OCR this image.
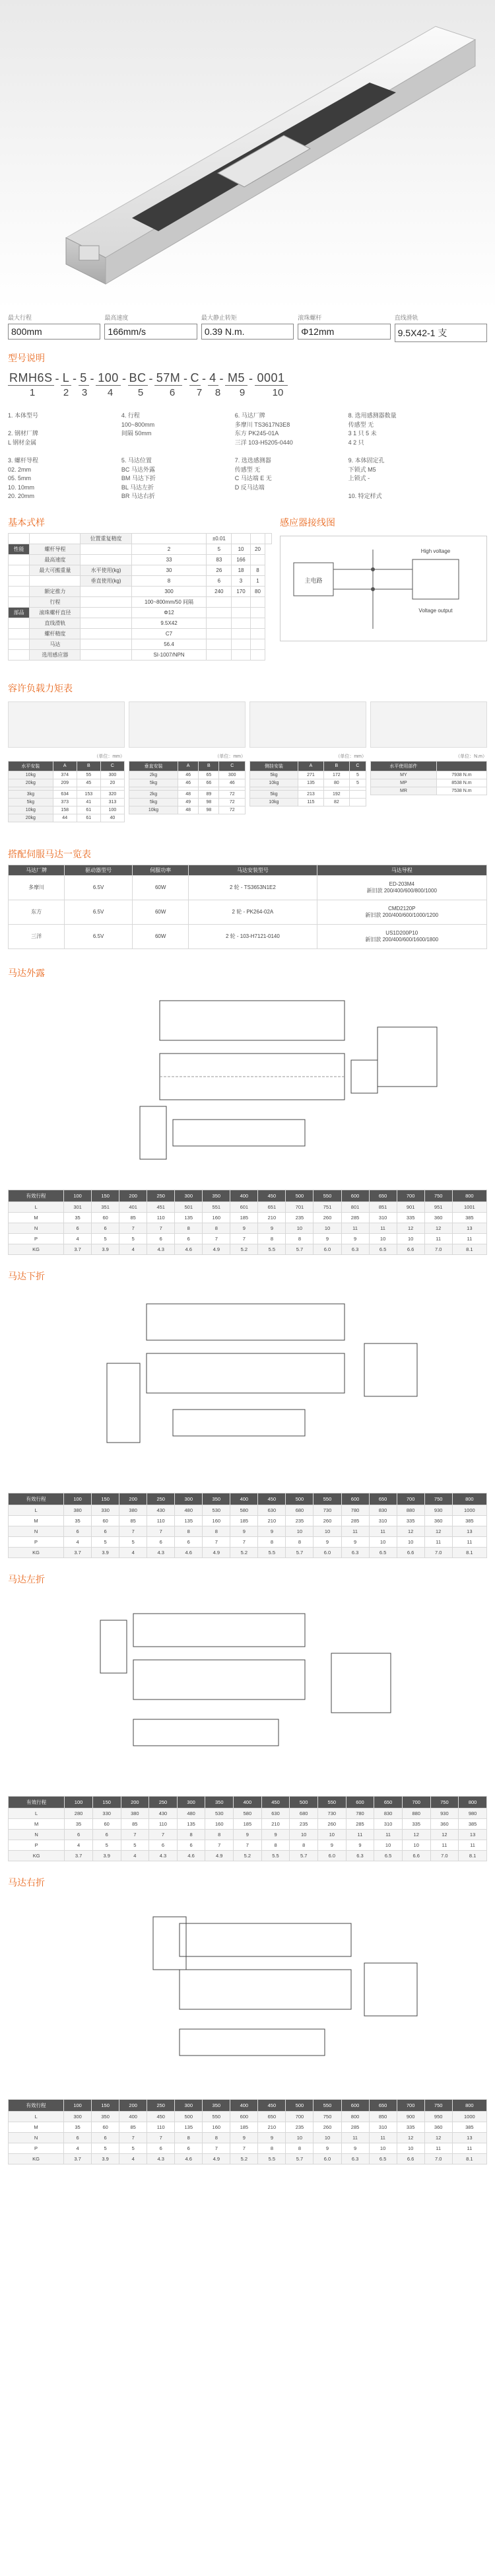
最大行程
800mm
最高速度
166mm/s
最大静止转矩
0.39 N.m.
滚珠螺杆
Φ12mm
直线滑轨
9.5X42-1 支
型号说明
RMH6S - L - 5 - 100 - BC - 57M - C - 4 - M5 - 0001
1	2	3	4	5	6	7	8	9	10
1. 本体型号

2. 钢材厂牌
L 钢材金属
4. 行程
100~800mm
间隔 50mm
6. 马达厂牌
多摩川 TS3617N3E8
东方 PK245-01A
三洋 103-H5205-0440
8. 选用感测器数量
传感型 无
3 1 只 5 未
4 2 只
3. 螺杆导程
02. 2mm
05. 5mm
10. 10mm
20. 20mm
5. 马达位置
BC 马达外露
BM 马达下折
BL 马达左折
BR 马达右折
7. 选选感测器
传感型 无
C 马达端 E 无
D 反马达端
9. 本体固定孔
下锁式 M5
上锁式 -

10. 特定样式
基本式样
		位置重复精度		±0.01			
性能	螺杆导程		2	5	10	20	
	最高速度		33	83	166		
	最大可搬重量	水平使用(kg)	30	26	18	8	
		垂直使用(kg)	8	6	3	1	
	额定推力		300	240	170	80	
	行程		100~800mm/50 间隔				
部品	滚珠螺杆直径		Φ12				
	直线滑轨		9.5X42				
	螺杆精度		C7				
	马达		56.4				
	选用感应器		SI-1007/NPN				
感应器接线图
主电路
High voltage
Voltage output
容许负载力矩表
（单位：mm）
水平安装	A	B	C
10kg	374	55	300
20kg	209	45	20

3kg	634	153	320
5kg	373	41	313
10kg	158	61	100
20kg	44	61	40
（单位：mm）
垂直安装	A	B	C
2kg	46	65	300
5kg	46	66	46

2kg	48	89	72
5kg	49	98	72
10kg	48	98	72
（单位：mm）
侧挂安装	A	B	C
5kg	271	172	5
10kg	135	80	5

5kg	213	192	
10kg	115	82	
（单位：N.m）
水平使用部件	
MY	7938 N.m
MP	8538 N.m
MR	7538 N.m
搭配伺服马达一览表
马达厂牌	驱动器型号	伺服功率	马达安装型号	马达导程
多摩川	6.5V	60W	2 轮 - TS3653N1E2	ED-203M4
新旧款 200/400/600/800/1000
东方	6.5V	60W	2 轮 - PK264-02A	CMD2120P
新旧款 200/400/600/1000/1200
三洋	6.5V	60W	2 轮 - 103-H7121-0140	US1D200P10
新旧款 200/400/600/1600/1800
马达外露
有效行程	100	150	200	250	300	350	400	450	500	550	600	650	700	750	800
L	301	351	401	451	501	551	601	651	701	751	801	851	901	951	1001
M	35	60	85	110	135	160	185	210	235	260	285	310	335	360	385
N	6	6	7	7	8	8	9	9	10	10	11	11	12	12	13
P	4	5	5	6	6	7	7	8	8	9	9	10	10	11	11
KG	3.7	3.9	4	4.3	4.6	4.9	5.2	5.5	5.7	6.0	6.3	6.5	6.6	7.0	8.1
马达下折
有效行程	100	150	200	250	300	350	400	450	500	550	600	650	700	750	800
L	380	330	380	430	480	530	580	630	680	730	780	830	880	930	1000
M	35	60	85	110	135	160	185	210	235	260	285	310	335	360	385
N	6	6	7	7	8	8	9	9	10	10	11	11	12	12	13
P	4	5	5	6	6	7	7	8	8	9	9	10	10	11	11
KG	3.7	3.9	4	4.3	4.6	4.9	5.2	5.5	5.7	6.0	6.3	6.5	6.6	7.0	8.1
马达左折
有效行程	100	150	200	250	300	350	400	450	500	550	600	650	700	750	800
L	280	330	380	430	480	530	580	630	680	730	780	830	880	930	980
M	35	60	85	110	135	160	185	210	235	260	285	310	335	360	385
N	6	6	7	7	8	8	9	9	10	10	11	11	12	12	13
P	4	5	5	6	6	7	7	8	8	9	9	10	10	11	11
KG	3.7	3.9	4	4.3	4.6	4.9	5.2	5.5	5.7	6.0	6.3	6.5	6.6	7.0	8.1
马达右折
有效行程	100	150	200	250	300	350	400	450	500	550	600	650	700	750	800
L	300	350	400	450	500	550	600	650	700	750	800	850	900	950	1000
M	35	60	85	110	135	160	185	210	235	260	285	310	335	360	385
N	6	6	7	7	8	8	9	9	10	10	11	11	12	12	13
P	4	5	5	6	6	7	7	8	8	9	9	10	10	11	11
KG	3.7	3.9	4	4.3	4.6	4.9	5.2	5.5	5.7	6.0	6.3	6.5	6.6	7.0	8.1
